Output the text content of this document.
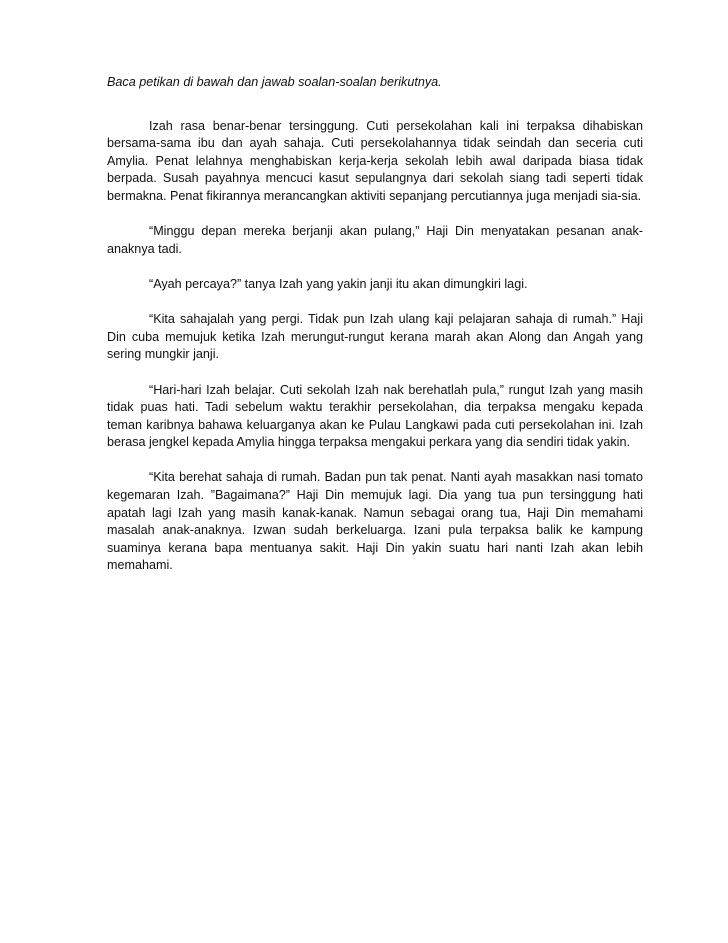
Baca petikan di bawah dan jawab soalan-soalan berikutnya.

Izah rasa benar-benar tersinggung. Cuti persekolahan kali ini terpaksa dihabiskan bersama-sama ibu dan ayah sahaja. Cuti persekolahannya tidak seindah dan seceria cuti Amylia. Penat lelahnya menghabiskan kerja-kerja sekolah lebih awal daripada biasa tidak berpada. Susah payahnya mencuci kasut sepulangnya dari sekolah siang tadi seperti tidak bermakna. Penat fikirannya merancangkan aktiviti sepanjang percutiannya juga menjadi sia-sia.

“Minggu depan mereka berjanji akan pulang,” Haji Din menyatakan pesanan anak-anaknya tadi.

“Ayah percaya?” tanya Izah yang yakin janji itu akan dimungkiri lagi.

“Kita sahajalah yang pergi. Tidak pun Izah ulang kaji pelajaran sahaja di rumah.” Haji Din cuba memujuk ketika Izah merungut-rungut kerana marah akan Along dan Angah yang sering mungkir janji.

“Hari-hari Izah belajar. Cuti sekolah Izah nak berehatlah pula,” rungut Izah yang masih tidak puas hati. Tadi sebelum waktu terakhir persekolahan, dia terpaksa mengaku kepada teman karibnya bahawa keluarganya akan ke Pulau Langkawi pada cuti persekolahan ini. Izah berasa jengkel kepada Amylia hingga terpaksa mengakui perkara yang dia sendiri tidak yakin.

“Kita berehat sahaja di rumah. Badan pun tak penat. Nanti ayah masakkan nasi tomato kegemaran Izah. ”Bagaimana?” Haji Din memujuk lagi. Dia yang tua pun tersinggung hati apatah lagi Izah yang masih kanak-kanak. Namun sebagai orang tua, Haji Din memahami masalah anak-anaknya. Izwan sudah berkeluarga. Izani pula terpaksa balik ke kampung suaminya kerana bapa mentuanya sakit. Haji Din yakin suatu hari nanti Izah akan lebih memahami.
